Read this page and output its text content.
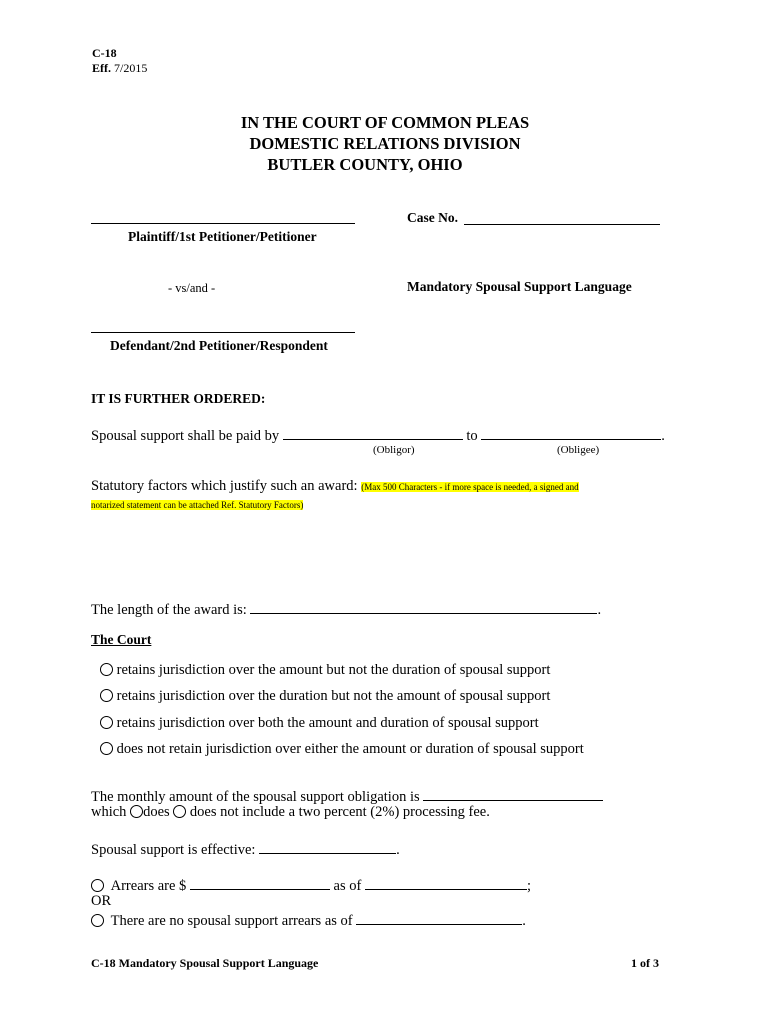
C-18
Eff. 7/2015
IN THE COURT OF COMMON PLEAS
DOMESTIC RELATIONS DIVISION
BUTLER COUNTY, OHIO
Plaintiff/1st Petitioner/Petitioner
Case No.
- vs/and -	Mandatory Spousal Support Language
Defendant/2nd Petitioner/Respondent
IT IS FURTHER ORDERED:
Spousal support shall be paid by	to	.
(Obligor)	(Obligee)
Statutory factors which justify such an award: (Max 500 Characters - if more space is needed, a signed and
notarized statement can be attached Ref. Statutory Factors)
The length of the award is:	.
The Court
retains jurisdiction over the amount but not the duration of spousal support
retains jurisdiction over the duration but not the amount of spousal support
retains jurisdiction over both the amount and duration of spousal support
does not retain jurisdiction over either the amount or duration of spousal support
The monthly amount of the spousal support obligation is
which does does not include a two percent (2%) processing fee.
Spousal support is effective:	.
Arrears are $	as of	;
OR
There are no spousal support arrears as of	.
C-18 Mandatory Spousal Support Language	1 of 3
